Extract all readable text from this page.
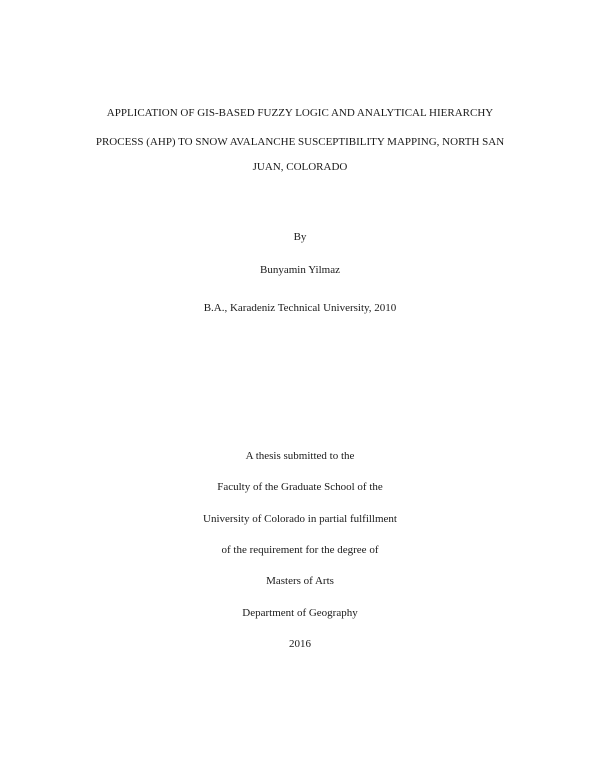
APPLICATION OF GIS-BASED FUZZY LOGIC AND ANALYTICAL HIERARCHY
PROCESS (AHP) TO SNOW AVALANCHE SUSCEPTIBILITY MAPPING, NORTH SAN
JUAN, COLORADO
By
Bunyamin Yilmaz
B.A., Karadeniz Technical University, 2010
A thesis submitted to the
Faculty of the Graduate School of the
University of Colorado in partial fulfillment
of the requirement for the degree of
Masters of Arts
Department of Geography
2016
